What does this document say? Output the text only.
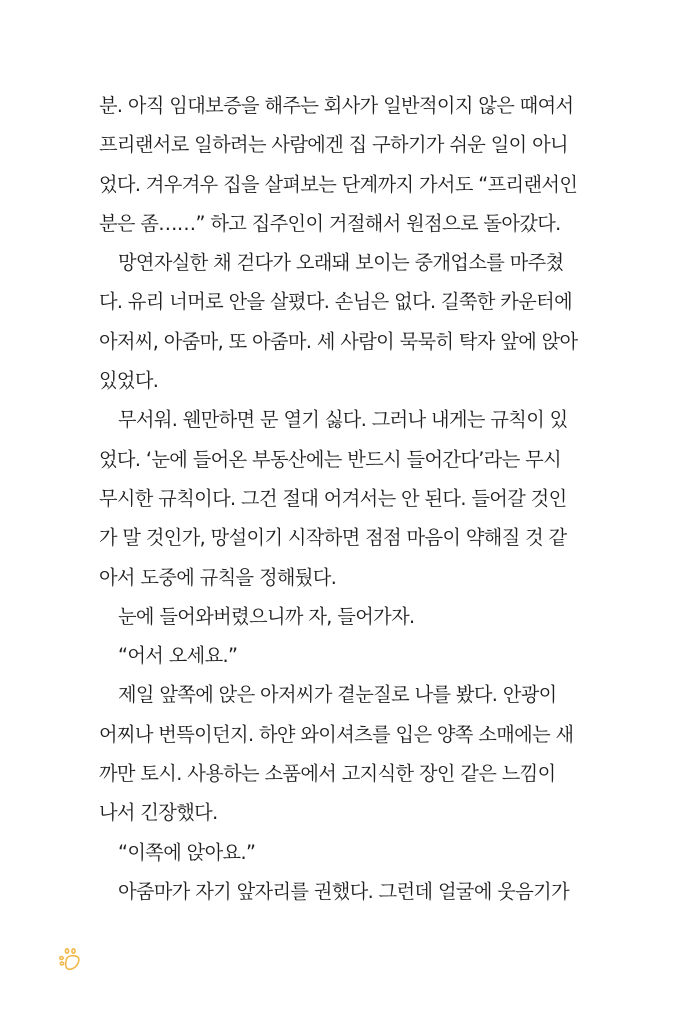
분. 아직 임대보증을 해주는 회사가 일반적이지 않은 때여서
프리랜서로 일하려는 사람에겐 집 구하기가 쉬운 일이 아니
었다. 겨우겨우 집을 살펴보는 단계까지 가서도 “프리랜서인
분은 좀……” 하고 집주인이 거절해서 원점으로 돌아갔다.
망연자실한 채 걷다가 오래돼 보이는 중개업소를 마주쳤
다. 유리 너머로 안을 살폈다. 손님은 없다. 길쭉한 카운터에
아저씨, 아줌마, 또 아줌마. 세 사람이 묵묵히 탁자 앞에 앉아
있었다.
무서워. 웬만하면 문 열기 싫다. 그러나 내게는 규칙이 있
었다. ‘눈에 들어온 부동산에는 반드시 들어간다’라는 무시
무시한 규칙이다. 그건 절대 어겨서는 안 된다. 들어갈 것인
가 말 것인가, 망설이기 시작하면 점점 마음이 약해질 것 같
아서 도중에 규칙을 정해뒀다.
눈에 들어와버렸으니까 자, 들어가자.
“어서 오세요.”
제일 앞쪽에 앉은 아저씨가 곁눈질로 나를 봤다. 안광이
어찌나 번뜩이던지. 하얀 와이셔츠를 입은 양쪽 소매에는 새
까만 토시. 사용하는 소품에서 고지식한 장인 같은 느낌이
나서 긴장했다.
“이쪽에 앉아요.”
아줌마가 자기 앞자리를 권했다. 그런데 얼굴에 웃음기가
